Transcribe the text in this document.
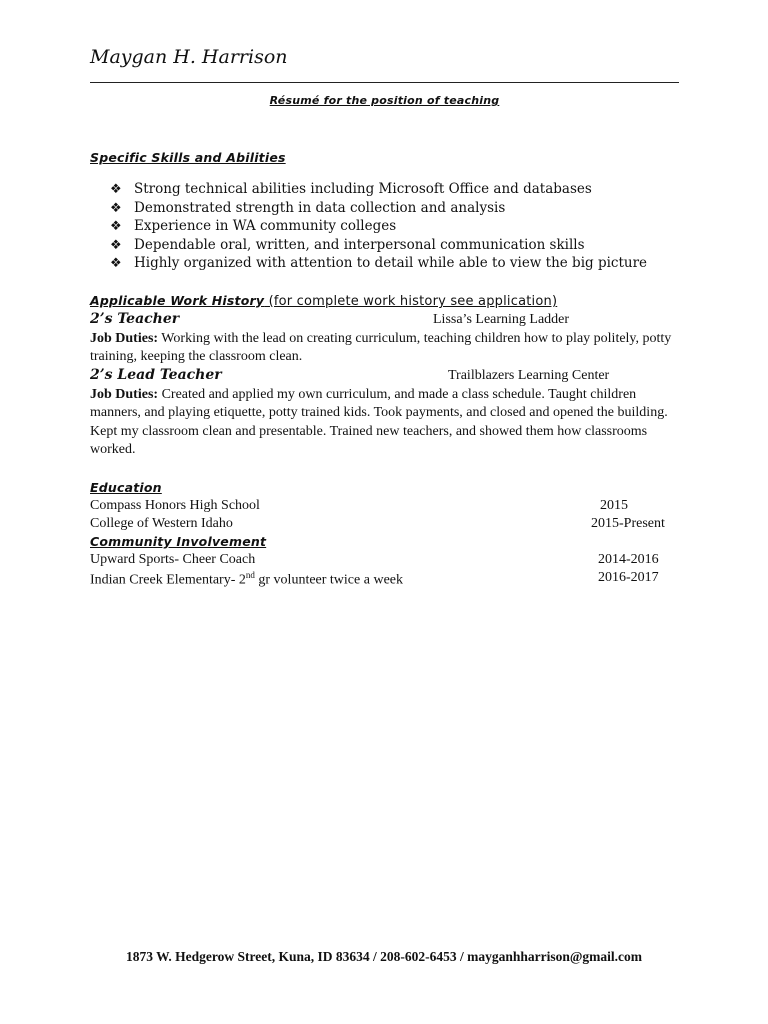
Maygan H. Harrison
Résumé for the position of teaching
Specific Skills and Abilities
❖ Strong technical abilities including Microsoft Office and databases
❖ Demonstrated strength in data collection and analysis
❖ Experience in WA community colleges
❖ Dependable oral, written, and interpersonal communication skills
❖ Highly organized with attention to detail while able to view the big picture
Applicable Work History (for complete work history see application)
2’s Teacher	Lissa’s Learning Ladder
Job Duties: Working with the lead on creating curriculum, teaching children how to play politely, potty training, keeping the classroom clean.
2’s Lead Teacher	Trailblazers Learning Center
Job Duties: Created and applied my own curriculum, and made a class schedule. Taught children manners, and playing etiquette, potty trained kids. Took payments, and closed and opened the building. Kept my classroom clean and presentable. Trained new teachers, and showed them how classrooms worked.
Education
Compass Honors High School	2015
College of Western Idaho	2015-Present
Community Involvement
Upward Sports- Cheer Coach	2014-2016
Indian Creek Elementary- 2nd gr volunteer twice a week	2016-2017
1873 W. Hedgerow Street, Kuna, ID 83634 / 208-602-6453 / mayganhharrison@gmail.com
